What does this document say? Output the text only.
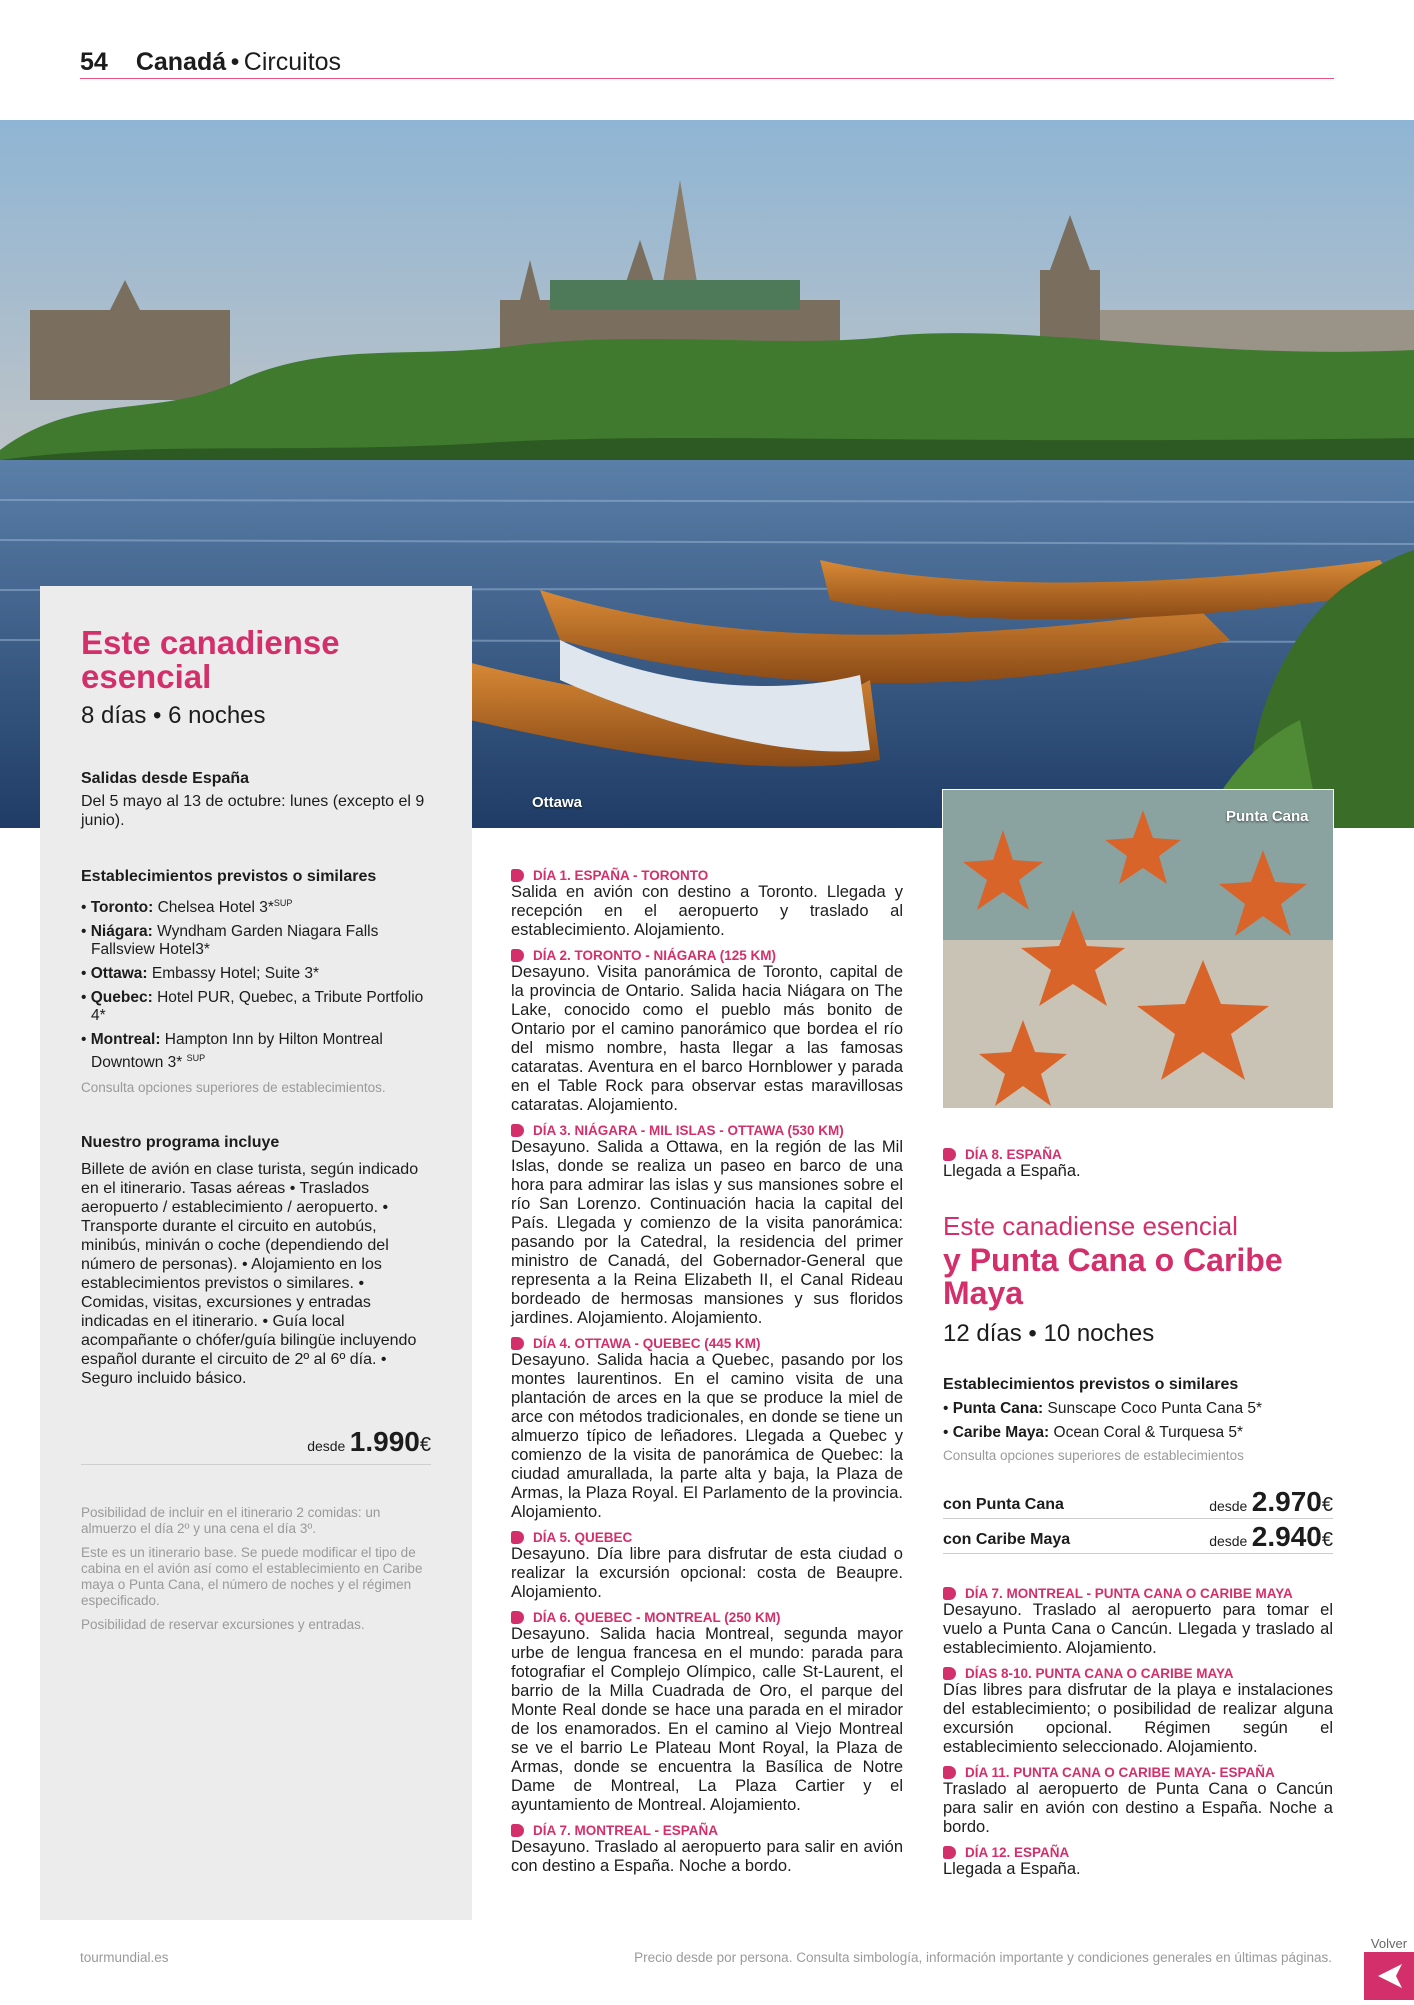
54 Canadá • Circuitos
Ottawa
Este canadiense esencial
8 días • 6 noches
Salidas desde España
Del 5 mayo al 13 de octubre: lunes (excepto el 9 junio).
Establecimientos previstos o similares
• Toronto: Chelsea Hotel 3*$^{SUP}$
• Niágara: Wyndham Garden Niagara Falls Fallsview Hotel3*
• Ottawa: Embassy Hotel; Suite 3*
• Quebec: Hotel PUR, Quebec, a Tribute Portfolio 4*
• Montreal: Hampton Inn by Hilton Montreal Downtown 3* $^{SUP}$
Consulta opciones superiores de establecimientos.
Nuestro programa incluye
Billete de avión en clase turista, según indicado en el itinerario. Tasas aéreas • Traslados aeropuerto / establecimiento / aeropuerto. • Transporte durante el circuito en autobús, minibús, miniván o coche (dependiendo del número de personas). • Alojamiento en los establecimientos previstos o similares. • Comidas, visitas, excursiones y entradas indicadas en el itinerario. • Guía local acompañante o chófer/guía bilingüe incluyendo español durante el circuito de 2º al 6º día. • Seguro incluido básico.
desde 1.990€
Posibilidad de incluir en el itinerario 2 comidas: un almuerzo el día 2º y una cena el día 3º.
Este es un itinerario base. Se puede modificar el tipo de cabina en el avión así como el establecimiento en Caribe maya o Punta Cana, el número de noches y el régimen especificado.
Posibilidad de reservar excursiones y entradas.
DÍA 1. ESPAÑA - TORONTO
Salida en avión con destino a Toronto. Llegada y recepción en el aeropuerto y traslado al establecimiento. Alojamiento.
DÍA 2. TORONTO - NIÁGARA (125 KM)
Desayuno. Visita panorámica de Toronto, capital de la provincia de Ontario. Salida hacia Niágara on The Lake, conocido como el pueblo más bonito de Ontario por el camino panorámico que bordea el río del mismo nombre, hasta llegar a las famosas cataratas. Aventura en el barco Hornblower y parada en el Table Rock para observar estas maravillosas cataratas. Alojamiento.
DÍA 3. NIÁGARA - MIL ISLAS - OTTAWA (530 KM)
Desayuno. Salida a Ottawa, en la región de las Mil Islas, donde se realiza un paseo en barco de una hora para admirar las islas y sus mansiones sobre el río San Lorenzo. Continuación hacia la capital del País. Llegada y comienzo de la visita panorámica: pasando por la Catedral, la residencia del primer ministro de Canadá, del Gobernador-General que representa a la Reina Elizabeth II, el Canal Rideau bordeado de hermosas mansiones y sus floridos jardines. Alojamiento. Alojamiento.
DÍA 4. OTTAWA - QUEBEC (445 KM)
Desayuno. Salida hacia a Quebec, pasando por los montes laurentinos. En el camino visita de una plantación de arces en la que se produce la miel de arce con métodos tradicionales, en donde se tiene un almuerzo típico de leñadores. Llegada a Quebec y comienzo de la visita de panorámica de Quebec: la ciudad amurallada, la parte alta y baja, la Plaza de Armas, la Plaza Royal. El Parlamento de la provincia. Alojamiento.
DÍA 5. QUEBEC
Desayuno. Día libre para disfrutar de esta ciudad o realizar la excursión opcional: costa de Beaupre. Alojamiento.
DÍA 6. QUEBEC - MONTREAL (250 KM)
Desayuno. Salida hacia Montreal, segunda mayor urbe de lengua francesa en el mundo: parada para fotografiar el Complejo Olímpico, calle St-Laurent, el barrio de la Milla Cuadrada de Oro, el parque del Monte Real donde se hace una parada en el mirador de los enamorados. En el camino al Viejo Montreal se ve el barrio Le Plateau Mont Royal, la Plaza de Armas, donde se encuentra la Basílica de Notre Dame de Montreal, La Plaza Cartier y el ayuntamiento de Montreal. Alojamiento.
DÍA 7. MONTREAL - ESPAÑA
Desayuno. Traslado al aeropuerto para salir en avión con destino a España. Noche a bordo.
Punta Cana
DÍA 8. ESPAÑA
Llegada a España.
Este canadiense esencial
y Punta Cana o Caribe Maya
12 días • 10 noches
Establecimientos previstos o similares
• Punta Cana: Sunscape Coco Punta Cana 5*
• Caribe Maya: Ocean Coral & Turquesa 5*
Consulta opciones superiores de establecimientos
con Punta Cana	desde 2.970€
con Caribe Maya	desde 2.940€
DÍA 7. MONTREAL - PUNTA CANA O CARIBE MAYA
Desayuno. Traslado al aeropuerto para tomar el vuelo a Punta Cana o Cancún. Llegada y traslado al establecimiento. Alojamiento.
DÍAS 8-10. PUNTA CANA O CARIBE MAYA
Días libres para disfrutar de la playa e instalaciones del establecimiento; o posibilidad de realizar alguna excursión opcional. Régimen según el establecimiento seleccionado. Alojamiento.
DÍA 11. PUNTA CANA O CARIBE MAYA- ESPAÑA
Traslado al aeropuerto de Punta Cana o Cancún para salir en avión con destino a España. Noche a bordo.
DÍA 12. ESPAÑA
Llegada a España.
tourmundial.es	Precio desde por persona. Consulta simbología, información importante y condiciones generales en últimas páginas.
Volver
